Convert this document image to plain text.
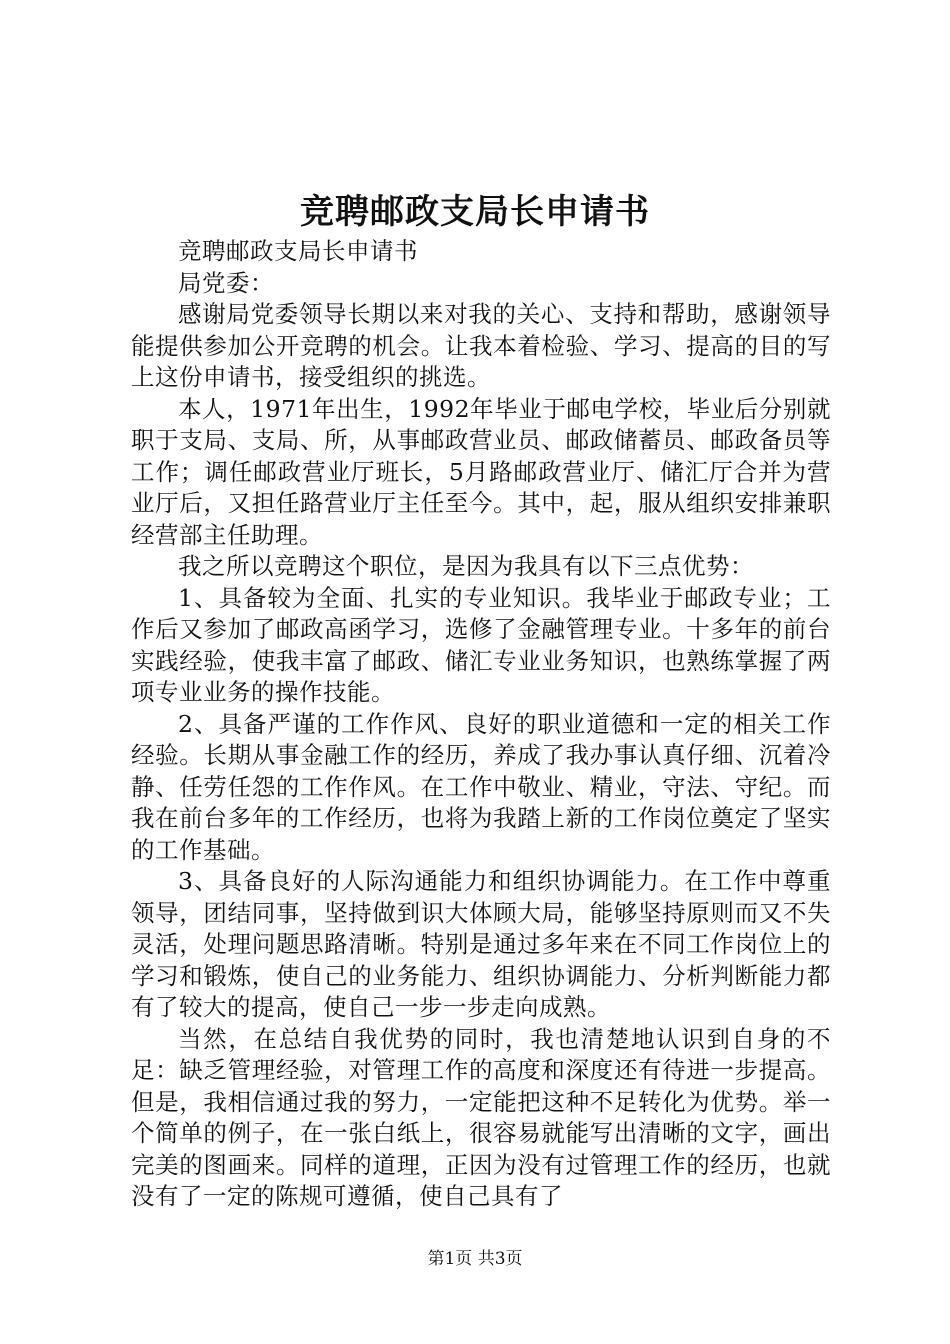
竞聘邮政支局长申请书

竞聘邮政支局长申请书

局党委：

感谢局党委领导长期以来对我的关心、支持和帮助，感谢领导能提供参加公开竞聘的机会。让我本着检验、学习、提高的目的写上这份申请书，接受组织的挑选。

本人，1971年出生，1992年毕业于邮电学校，毕业后分别就职于支局、支局、所，从事邮政营业员、邮政储蓄员、邮政备员等工作；调任邮政营业厅班长，5月路邮政营业厅、储汇厅合并为营业厅后，又担任路营业厅主任至今。其中，起，服从组织安排兼职经营部主任助理。

我之所以竞聘这个职位，是因为我具有以下三点优势：

1、具备较为全面、扎实的专业知识。我毕业于邮政专业；工作后又参加了邮政高函学习，选修了金融管理专业。十多年的前台实践经验，使我丰富了邮政、储汇专业业务知识，也熟练掌握了两项专业业务的操作技能。

2、具备严谨的工作作风、良好的职业道德和一定的相关工作经验。长期从事金融工作的经历，养成了我办事认真仔细、沉着冷静、任劳任怨的工作作风。在工作中敬业、精业，守法、守纪。而我在前台多年的工作经历，也将为我踏上新的工作岗位奠定了坚实的工作基础。

3、具备良好的人际沟通能力和组织协调能力。在工作中尊重领导，团结同事，坚持做到识大体顾大局，能够坚持原则而又不失灵活，处理问题思路清晰。特别是通过多年来在不同工作岗位上的学习和锻炼，使自己的业务能力、组织协调能力、分析判断能力都有了较大的提高，使自己一步一步走向成熟。

当然，在总结自我优势的同时，我也清楚地认识到自身的不足：缺乏管理经验，对管理工作的高度和深度还有待进一步提高。但是，我相信通过我的努力，一定能把这种不足转化为优势。举一个简单的例子，在一张白纸上，很容易就能写出清晰的文字，画出完美的图画来。同样的道理，正因为没有过管理工作的经历，也就没有了一定的陈规可遵循，使自己具有了

第1页 共3页
